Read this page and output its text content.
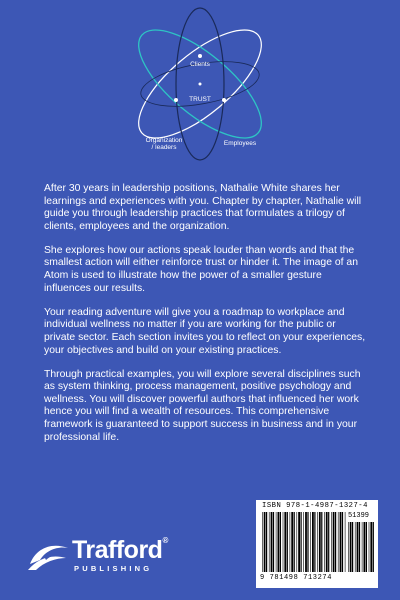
Clients
TRUST
Organization
/ leaders
Employees

After 30 years in leadership positions, Nathalie White shares her learnings and experiences with you. Chapter by chapter, Nathalie will guide you through leadership practices that formulates a trilogy of clients, employees and the organization.

She explores how our actions speak louder than words and that the smallest action will either reinforce trust or hinder it. The image of an Atom is used to illustrate how the power of a smaller gesture influences our results.

Your reading adventure will give you a roadmap to workplace and individual wellness no matter if you are working for the public or private sector. Each section invites you to reflect on your experiences, your objectives and build on your existing practices.

Through practical examples, you will explore several disciplines such as system thinking, process management, positive psychology and wellness. You will discover powerful authors that influenced her work hence you will find a wealth of resources. This comprehensive framework is guaranteed to support success in business and in your professional life.

ISBN 978-1-4987-1327-4
51399
9 781498 713274
Trafford®
PUBLISHING
